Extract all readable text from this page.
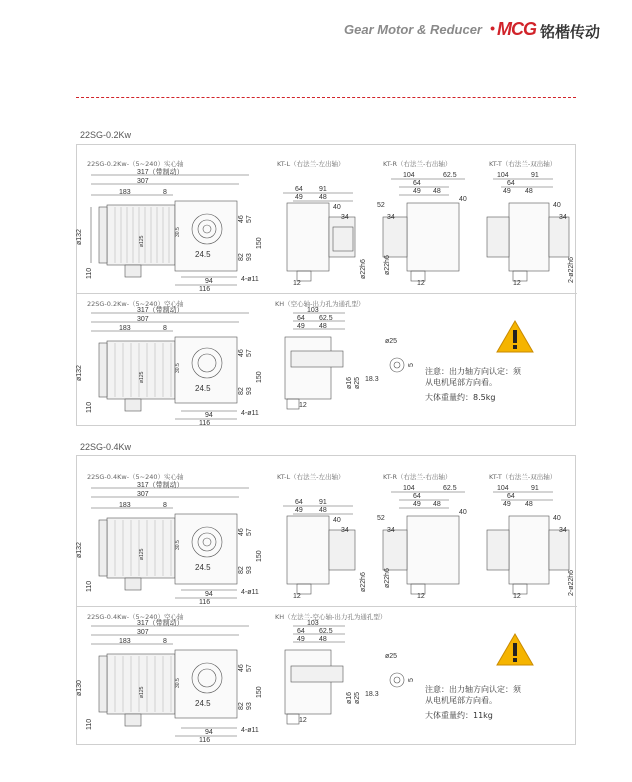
Gear Motor & Reducer • MCG 铭楷传动
22SG-0.2Kw
22SG-0.2Kw-（5~240）实心轴	KT-L（右法兰-左出轴）	KT-R（右法兰-右出轴）	KT-T（右法兰-双出轴）
22SG-0.2Kw-（5~240）空心轴	KH（空心轴-出力孔为通孔型）
317（带制动）
307
183	8
ø132
110
ø125
30.5
24.5
46 57
82 93
150
94
116
4-ø11
64 91
49 48
40
34
12
ø22h6
104	62.5
64
49 48
52
40
34
12
ø22h6
104	91
64
49 48
40
34
12
2-ø22h6
317（带制动）
307
183	8
ø132
110
ø125
30.5
24.5
46 57
82 93
150
94
116
4-ø11
103
64 62.5
49 48
12
ø16 ø25
ø25
5
18.3
注意：出力轴方向认定：须
从电机尾部方向看。
大体重量约：8.5kg
22SG-0.4Kw
22SG-0.4Kw-（5~240）实心轴	KT-L（右法兰-左出轴）	KT-R（右法兰-右出轴）	KT-T（右法兰-双出轴）
22SG-0.4Kw-（5~240）空心轴	KH（左法兰-空心轴-出力孔为通孔型）
317（带制动）
307
183	8
ø132
110
ø125
30.5
24.5
46 57
82 93
150
94
116
4-ø11
64 91
49 48
40
34
12
ø22h6
104	62.5
64
49 48
52
40
34
12
ø22h6
104	91
64
49 48
40
34
12
2-ø22h6
317（带制动）
307
183	8
ø130
110
ø125
30.5
24.5
46 57
82 93
150
94
116
4-ø11
103
64 62.5
49 48
12
ø16 ø25
ø25
5
18.3
注意：出力轴方向认定：须
从电机尾部方向看。
大体重量约：11kg
